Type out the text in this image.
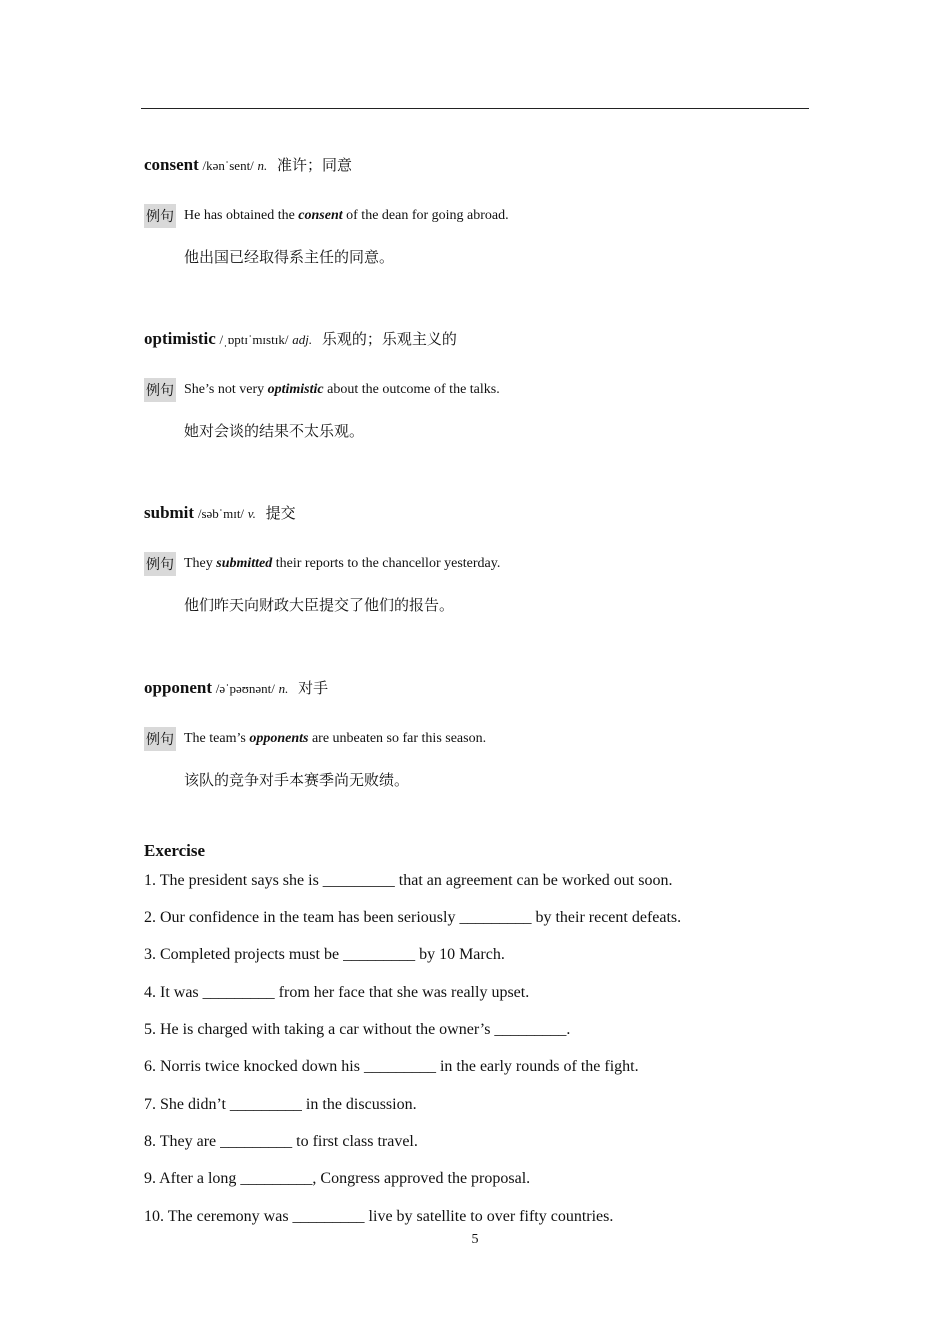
consent /kənˈsent/ n. 准许；同意
例句 He has obtained the consent of the dean for going abroad.
他出国已经取得系主任的同意。
optimistic /ˌɒptɪˈmɪstɪk/ adj. 乐观的；乐观主义的
例句 She’s not very optimistic about the outcome of the talks.
她对会谈的结果不太乐观。
submit /səbˈmɪt/ v. 提交
例句 They submitted their reports to the chancellor yesterday.
他们昨天向财政大臣提交了他们的报告。
opponent /əˈpəʊnənt/ n. 对手
例句 The team’s opponents are unbeaten so far this season.
该队的竞争对手本赛季尚无败绩。
Exercise
1. The president says she is _________ that an agreement can be worked out soon.
2. Our confidence in the team has been seriously _________ by their recent defeats.
3. Completed projects must be _________ by 10 March.
4. It was _________ from her face that she was really upset.
5. He is charged with taking a car without the owner’s _________.
6. Norris twice knocked down his _________ in the early rounds of the fight.
7. She didn’t _________ in the discussion.
8. They are _________ to first class travel.
9. After a long _________, Congress approved the proposal.
10. The ceremony was _________ live by satellite to over fifty countries.
5
